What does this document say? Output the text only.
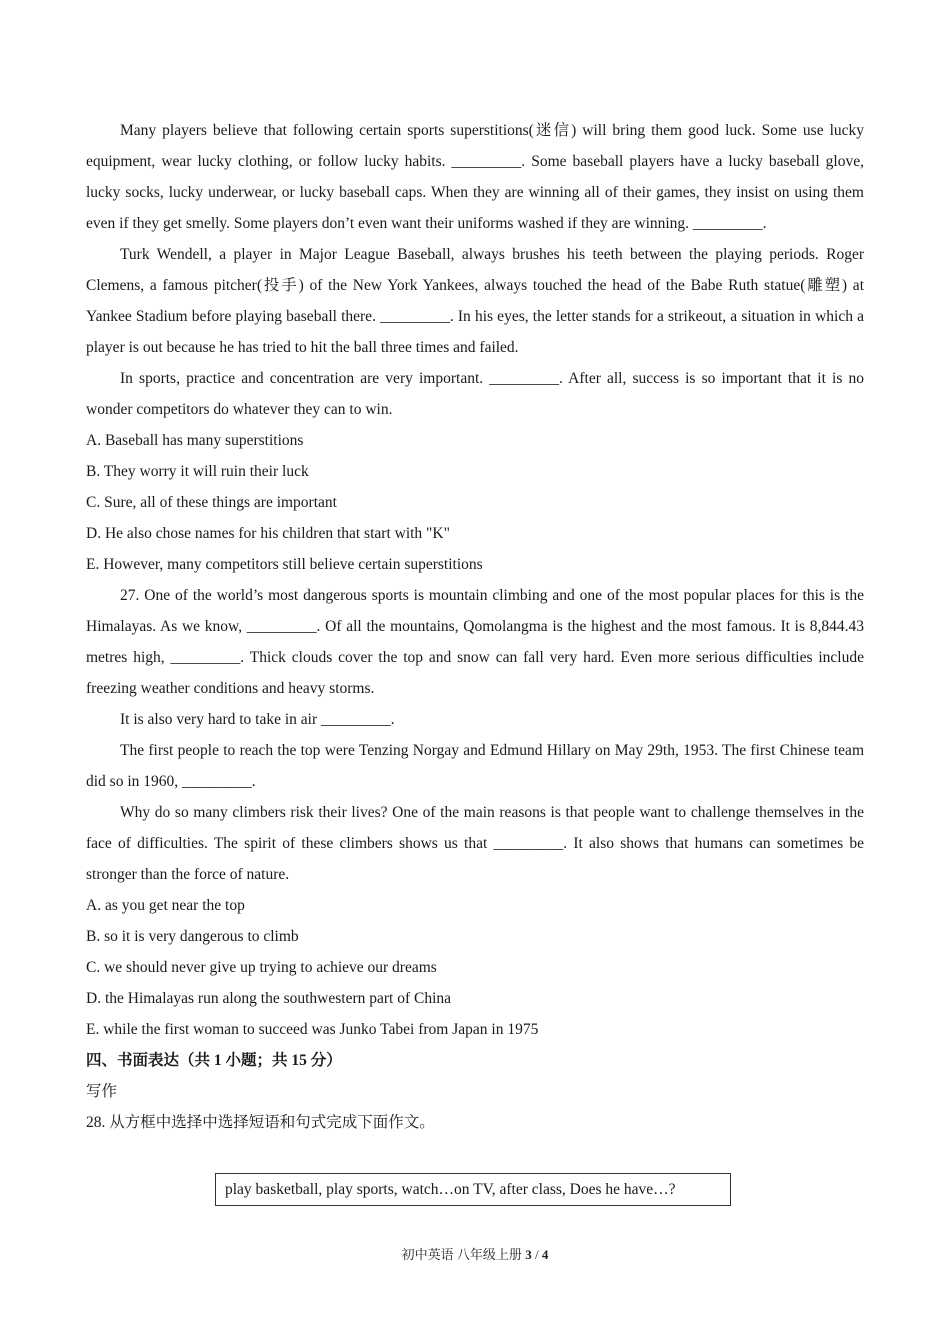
Many players believe that following certain sports superstitions(迷信) will bring them good luck. Some use lucky equipment, wear lucky clothing, or follow lucky habits. _________. Some baseball players have a lucky baseball glove, lucky socks, lucky underwear, or lucky baseball caps. When they are winning all of their games, they insist on using them even if they get smelly. Some players don’t even want their uniforms washed if they are winning. _________.

Turk Wendell, a player in Major League Baseball, always brushes his teeth between the playing periods. Roger Clemens, a famous pitcher(投手) of the New York Yankees, always touched the head of the Babe Ruth statue(雕塑) at Yankee Stadium before playing baseball there. _________. In his eyes, the letter stands for a strikeout, a situation in which a player is out because he has tried to hit the ball three times and failed.

In sports, practice and concentration are very important. _________. After all, success is so important that it is no wonder competitors do whatever they can to win.

A. Baseball has many superstitions

B. They worry it will ruin their luck

C. Sure, all of these things are important

D. He also chose names for his children that start with "K"

E. However, many competitors still believe certain superstitions

27. One of the world’s most dangerous sports is mountain climbing and one of the most popular places for this is the Himalayas. As we know, _________. Of all the mountains, Qomolangma is the highest and the most famous. It is 8,844.43 metres high, _________. Thick clouds cover the top and snow can fall very hard. Even more serious difficulties include freezing weather conditions and heavy storms.

It is also very hard to take in air _________.

The first people to reach the top were Tenzing Norgay and Edmund Hillary on May 29th, 1953. The first Chinese team did so in 1960, _________.

Why do so many climbers risk their lives? One of the main reasons is that people want to challenge themselves in the face of difficulties. The spirit of these climbers shows us that _________. It also shows that humans can sometimes be stronger than the force of nature.

A. as you get near the top

B. so it is very dangerous to climb

C. we should never give up trying to achieve our dreams

D. the Himalayas run along the southwestern part of China

E. while the first woman to succeed was Junko Tabei from Japan in 1975

四、书面表达（共 1 小题；共 15 分）

写作

28. 从方框中选择中选择短语和句式完成下面作文。

play basketball, play sports, watch…on TV, after class, Does he have…?
初中英语 八年级上册 3 / 4
